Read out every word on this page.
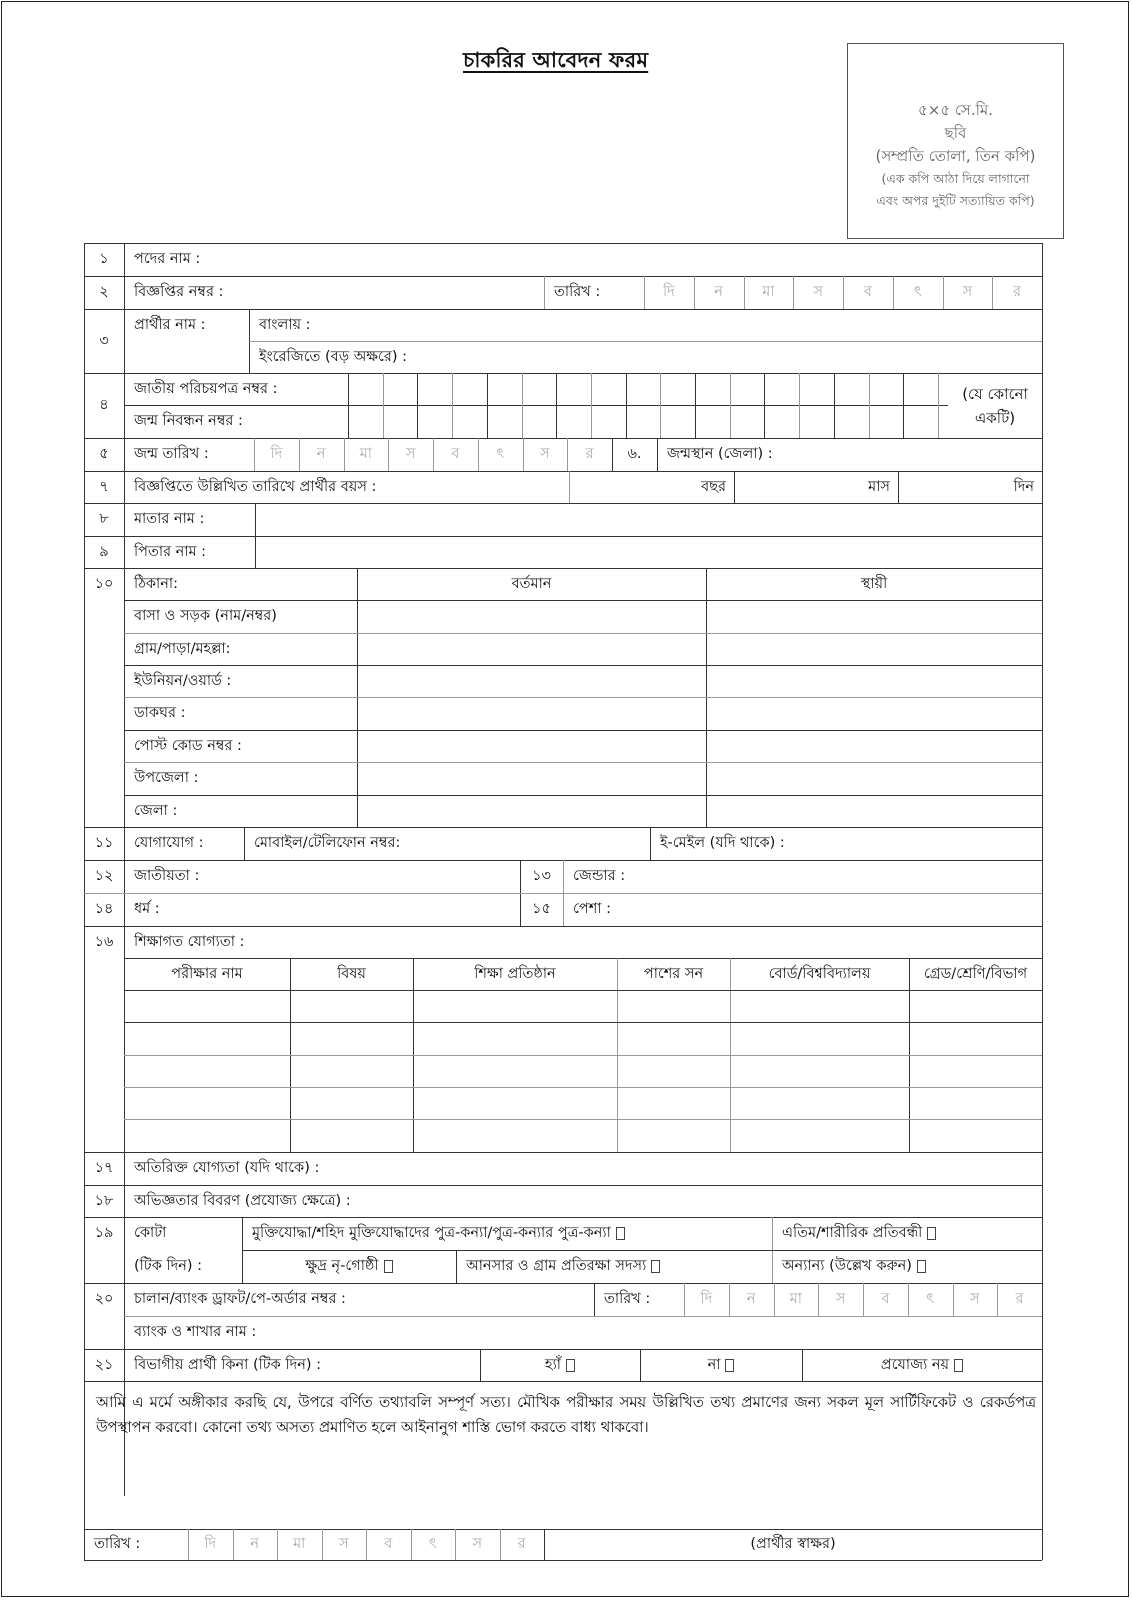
চাকরির আবেদন ফরম
৫×৫ সে.মি.
ছবি
(সম্প্রতি তোলা, তিন কপি)
(এক কপি আঠা দিয়ে লাগানো
এবং অপর দুইটি সত্যায়িত কপি)
১	পদের নাম :
২	বিজ্ঞপ্তির নম্বর :	তারিখ :	দি	ন	মা	স	ব	ৎ	স	র
৩
প্রার্থীর নাম :	বাংলায় :
ইংরেজিতে (বড় অক্ষরে) :
৪
জাতীয় পরিচয়পত্র নম্বর :
জন্ম নিবন্ধন নম্বর :
(যে কোনো
একটি)
৫	জন্ম তারিখ :	দি	ন	মা	স	ব	ৎ	স	র	৬.	জন্মস্থান (জেলা) :
৭	বিজ্ঞপ্তিতে উল্লিখিত তারিখে প্রার্থীর বয়স :	বছর	মাস	দিন
৮	মাতার নাম :
৯	পিতার নাম :
১০	ঠিকানা:	বর্তমান	স্থায়ী
বাসা ও সড়ক (নাম/নম্বর)
গ্রাম/পাড়া/মহল্লা:
ইউনিয়ন/ওয়ার্ড :
ডাকঘর :
পোস্ট কোড নম্বর :
উপজেলা :
জেলা :
১১	যোগাযোগ :	মোবাইল/টেলিফোন নম্বর:	ই-মেইল (যদি থাকে) :
১২	জাতীয়তা :	১৩	জেন্ডার :
১৪	ধর্ম :	১৫	পেশা :
১৬	শিক্ষাগত যোগ্যতা :
পরীক্ষার নাম	বিষয়	শিক্ষা প্রতিষ্ঠান	পাশের সন	বোর্ড/বিশ্ববিদ্যালয়	গ্রেড/শ্রেণি/বিভাগ
১৭	অতিরিক্ত যোগ্যতা (যদি থাকে) :
১৮	অভিজ্ঞতার বিবরণ (প্রযোজ্য ক্ষেত্রে) :
১৯	কোটা
(টিক দিন) :
মুক্তিযোদ্ধা/শহিদ মুক্তিযোদ্ধাদের পুত্র-কন্যা/পুত্র-কন্যার পুত্র-কন্যা	এতিম/শারীরিক প্রতিবন্ধী
ক্ষুদ্র নৃ-গোষ্ঠী	আনসার ও গ্রাম প্রতিরক্ষা সদস্য	অন্যান্য (উল্লেখ করুন)
২০	চালান/ব্যাংক ড্রাফট/পে-অর্ডার নম্বর :	তারিখ :	দি	ন	মা	স	ব	ৎ	স	র
ব্যাংক ও শাখার নাম :
২১	বিভাগীয় প্রার্থী কিনা (টিক দিন) :	হ্যাঁ	না	প্রযোজ্য নয়
আমি এ মর্মে অঙ্গীকার করছি যে, উপরে বর্ণিত তথ্যাবলি সম্পূর্ণ সত্য। মৌখিক পরীক্ষার সময় উল্লিখিত তথ্য প্রমাণের জন্য সকল মূল সার্টিফিকেট ও রেকর্ডপত্র উপস্থাপন করবো। কোনো তথ্য অসত্য প্রমাণিত হলে আইনানুগ শাস্তি ভোগ করতে বাধ্য থাকবো।
তারিখ :	দি	ন	মা	স	ব	ৎ	স	র	(প্রার্থীর স্বাক্ষর)
